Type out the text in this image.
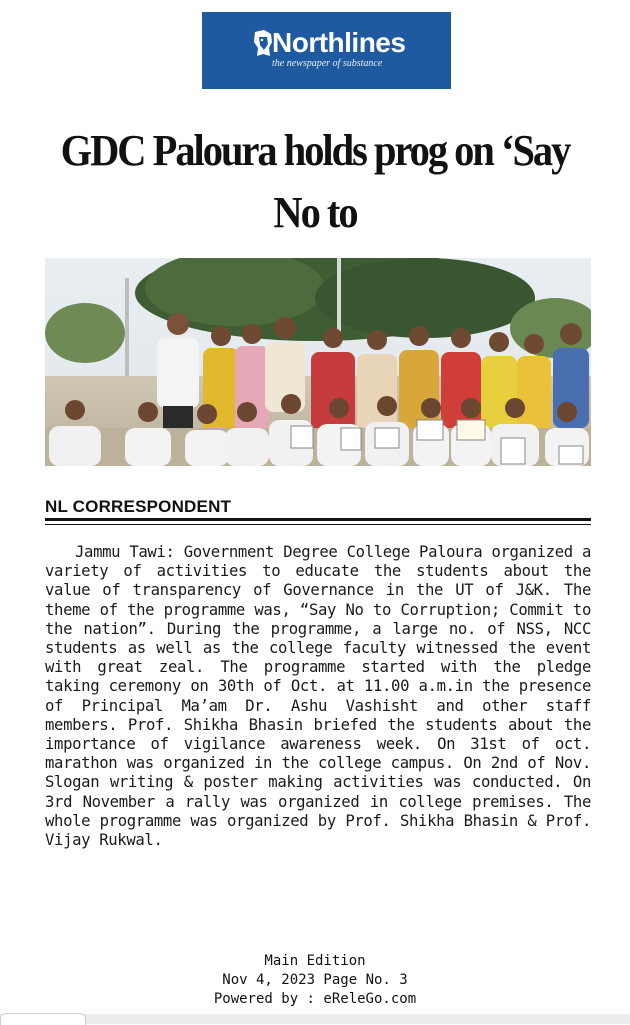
Northlines
the newspaper of substance
GDC Paloura holds prog on ‘Say No to
NL CORRESPONDENT

Jammu Tawi: Government Degree College Paloura organized a variety of activities to educate the students about the value of transparency of Governance in the UT of J&K. The theme of the programme was, “Say No to Corruption; Commit to the nation”. During the programme, a large no. of NSS, NCC students as well as the college faculty witnessed the event with great zeal. The programme started with the pledge taking ceremony on 30th of Oct. at 11.00 a.m.in the presence of Principal Ma’am Dr. Ashu Vashisht and other staff members. Prof. Shikha Bhasin briefed the students about the importance of vigilance awareness week. On 31st of oct. marathon was organized in the college campus. On 2nd of Nov. Slogan writing & poster making activities was conducted. On 3rd November a rally was organized in college premises. The whole programme was organized by Prof. Shikha Bhasin & Prof. Vijay Rukwal.

Main Edition
Nov 4, 2023 Page No. 3
Powered by : eReleGo.com
